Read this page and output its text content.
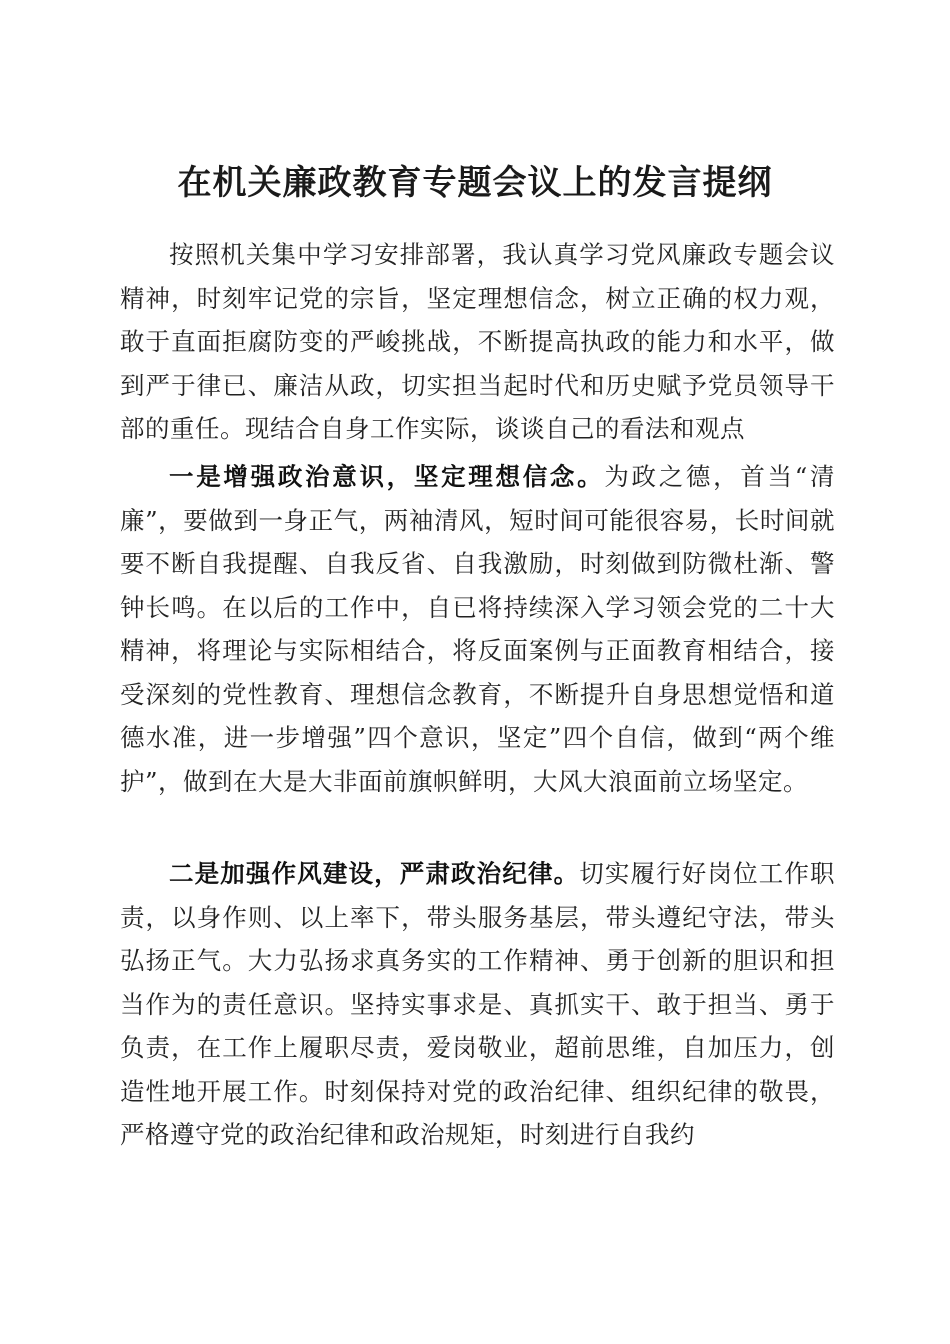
在机关廉政教育专题会议上的发言提纲

按照机关集中学习安排部署，我认真学习党风廉政专题会议精神，时刻牢记党的宗旨，坚定理想信念，树立正确的权力观，敢于直面拒腐防变的严峻挑战，不断提高执政的能力和水平，做到严于律已、廉洁从政，切实担当起时代和历史赋予党员领导干部的重任。现结合自身工作实际，谈谈自己的看法和观点

一是增强政治意识，坚定理想信念。为政之德，首当“清廉”，要做到一身正气，两袖清风，短时间可能很容易，长时间就要不断自我提醒、自我反省、自我激励，时刻做到防微杜渐、警钟长鸣。在以后的工作中，自已将持续深入学习领会党的二十大精神，将理论与实际相结合，将反面案例与正面教育相结合，接受深刻的党性教育、理想信念教育，不断提升自身思想觉悟和道德水准，进一步增强”四个意识，坚定”四个自信，做到“两个维护”，做到在大是大非面前旗帜鲜明，大风大浪面前立场坚定。

二是加强作风建设，严肃政治纪律。切实履行好岗位工作职责，以身作则、以上率下，带头服务基层，带头遵纪守法，带头弘扬正气。大力弘扬求真务实的工作精神、勇于创新的胆识和担当作为的责任意识。坚持实事求是、真抓实干、敢于担当、勇于负责，在工作上履职尽责，爱岗敬业，超前思维，自加压力，创造性地开展工作。时刻保持对党的政治纪律、组织纪律的敬畏，严格遵守党的政治纪律和政治规矩，时刻进行自我约
